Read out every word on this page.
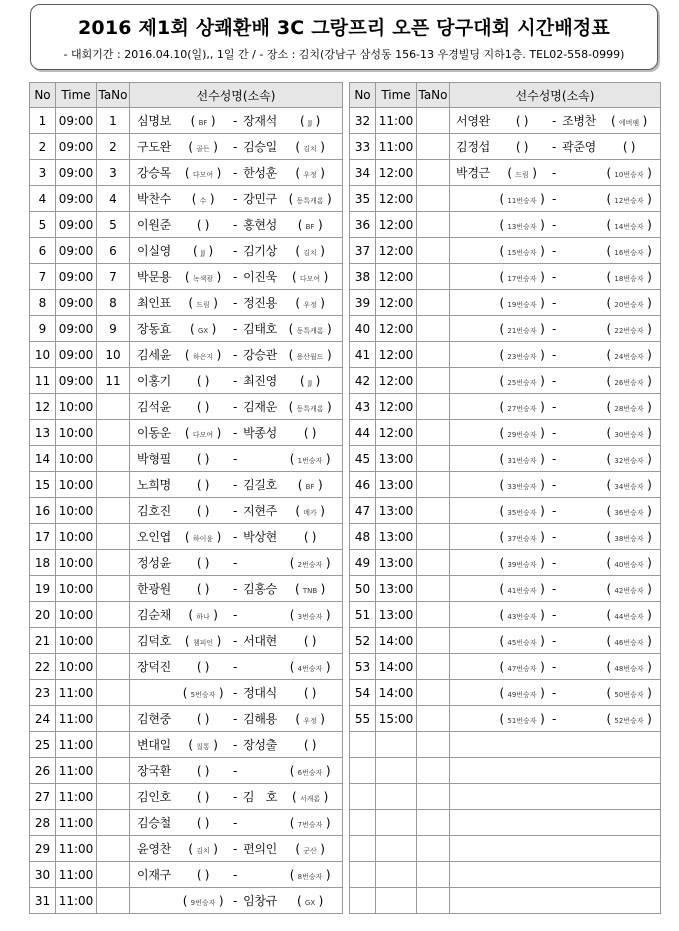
2016 제1회 상쾌환배 3C 그랑프리 오픈 당구대회 시간배정표
- 대회기간 : 2016.04.10(일),, 1일 간 / - 장소 : 김치(강남구 삼성동 156-13 우경빌딩 지하1층. TEL02-558-0999)
No	Time	TaNo	선수성명(소속)
1	09:00	1	심명보 ( BF ) - 장재석 ( JJ )
2	09:00	2	구도완 ( 골든 ) - 김승일 ( 김치 )
3	09:00	3	강승목 ( 다모여 ) - 한성훈 ( 우정 )
4	09:00	4	박찬수 ( 수 ) - 강민구 ( 동특캐롬 )
5	09:00	5	이원준 ( ) - 홍현성 ( BF )
6	09:00	6	이실영 ( JJ ) - 김기상 ( 김치 )
7	09:00	7	박문용 ( 녹색광 ) - 이진욱 ( 다모여 )
8	09:00	8	최인표 ( 드림 ) - 정진용 ( 우정 )
9	09:00	9	장동효 ( GX ) - 김태호 ( 동특캐롬 )
10	09:00	10	김세윤 ( 하은지 ) - 강승관 ( 용산월드 )
11	09:00	11	이홍기 ( ) - 최진영 ( JJ )
12	10:00		김석윤 ( ) - 김재운 ( 동특캐롬 )
13	10:00		이동운 ( 다모여 ) - 박종성 ( )
14	10:00		박형필 ( ) - ( 1번승자 )
15	10:00		노희명 ( ) - 김길호 ( BF )
16	10:00		김호진 ( ) - 지현주 ( 메카 )
17	10:00		오인엽 ( 하이윤 ) - 박상현 ( )
18	10:00		정성윤 ( ) - ( 2번승자 )
19	10:00		한광원 ( ) - 김홍승 ( TNB )
20	10:00		김순채 ( 하나 ) - ( 3번승자 )
21	10:00		김덕호 ( 챔피언 ) - 서대현 ( )
22	10:00		장덕진 ( ) - ( 4번승자 )
23	11:00		( 5번승자 ) - 정대식 ( )
24	11:00		김현중 ( ) - 김해용 ( 우정 )
25	11:00		변대일 ( 칠통 ) - 장성출 ( )
26	11:00		장국환 ( ) - ( 6번승자 )
27	11:00		김인호 ( ) - 김　호 ( 서캐롬 )
28	11:00		김승철 ( ) - ( 7번승자 )
29	11:00		윤영찬 ( 김치 ) - 편의인 ( 군산 )
30	11:00		이재구 ( ) - ( 8번승자 )
31	11:00		( 9번승자 ) - 임창규 ( GX )
No	Time	TaNo	선수성명(소속)
32	11:00		서영완 ( ) - 조병찬 ( 에버팸 )
33	11:00		김정섭 ( ) - 곽준영 ( )
34	12:00		박경근 ( 드림 ) - ( 10번승자 )
35	12:00		( 11번승자 ) - ( 12번승자 )
36	12:00		( 13번승자 ) - ( 14번승자 )
37	12:00		( 15번승자 ) - ( 16번승자 )
38	12:00		( 17번승자 ) - ( 18번승자 )
39	12:00		( 19번승자 ) - ( 20번승자 )
40	12:00		( 21번승자 ) - ( 22번승자 )
41	12:00		( 23번승자 ) - ( 24번승자 )
42	12:00		( 25번승자 ) - ( 26번승자 )
43	12:00		( 27번승자 ) - ( 28번승자 )
44	12:00		( 29번승자 ) - ( 30번승자 )
45	13:00		( 31번승자 ) - ( 32번승자 )
46	13:00		( 33번승자 ) - ( 34번승자 )
47	13:00		( 35번승자 ) - ( 36번승자 )
48	13:00		( 37번승자 ) - ( 38번승자 )
49	13:00		( 39번승자 ) - ( 40번승자 )
50	13:00		( 41번승자 ) - ( 42번승자 )
51	13:00		( 43번승자 ) - ( 44번승자 )
52	14:00		( 45번승자 ) - ( 46번승자 )
53	14:00		( 47번승자 ) - ( 48번승자 )
54	14:00		( 49번승자 ) - ( 50번승자 )
55	15:00		( 51번승자 ) - ( 52번승자 )
